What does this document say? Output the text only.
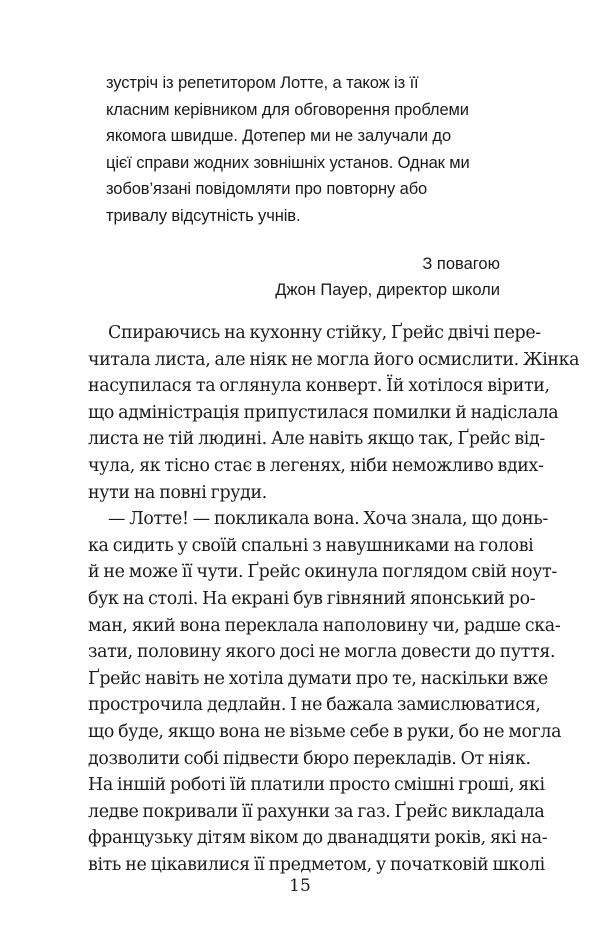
зустріч із репетитором Лотте, а також із її
класним керівником для обговорення проблеми
якомога швидше. Дотепер ми не залучали до
цієї справи жодних зовнішніх установ. Однак ми
зобов’язані повідомляти про повторну або
тривалу відсутність учнів.
З повагою
Джон Пауер, директор школи
Спираючись на кухонну стійку, Ґрейс двічі пере-
читала листа, але ніяк не могла його осмислити. Жінка
насупилася та оглянула конверт. Їй хотілося вірити,
що адміністрація припустилася помилки й надіслала
листа не тій людині. Але навіть якщо так, Ґрейс від-
чула, як тісно стає в легенях, ніби неможливо вдих-
нути на повні груди.
— Лотте! — покликала вона. Хоча знала, що донь-
ка сидить у своїй спальні з навушниками на голові
й не може її чути. Ґрейс окинула поглядом свій ноут-
бук на столі. На екрані був гівняний японський ро-
ман, який вона переклала наполовину чи, радше ска-
зати, половину якого досі не могла довести до пуття.
Ґрейс навіть не хотіла думати про те, наскільки вже
прострочила дедлайн. І не бажала замислюватися,
що буде, якщо вона не візьме себе в руки, бо не могла
дозволити собі підвести бюро перекладів. От ніяк.
На іншій роботі їй платили просто смішні гроші, які
ледве покривали її рахунки за газ. Ґрейс викладала
французьку дітям віком до дванадцяти років, які на-
віть не цікавилися її предметом, у початковій школі
15
